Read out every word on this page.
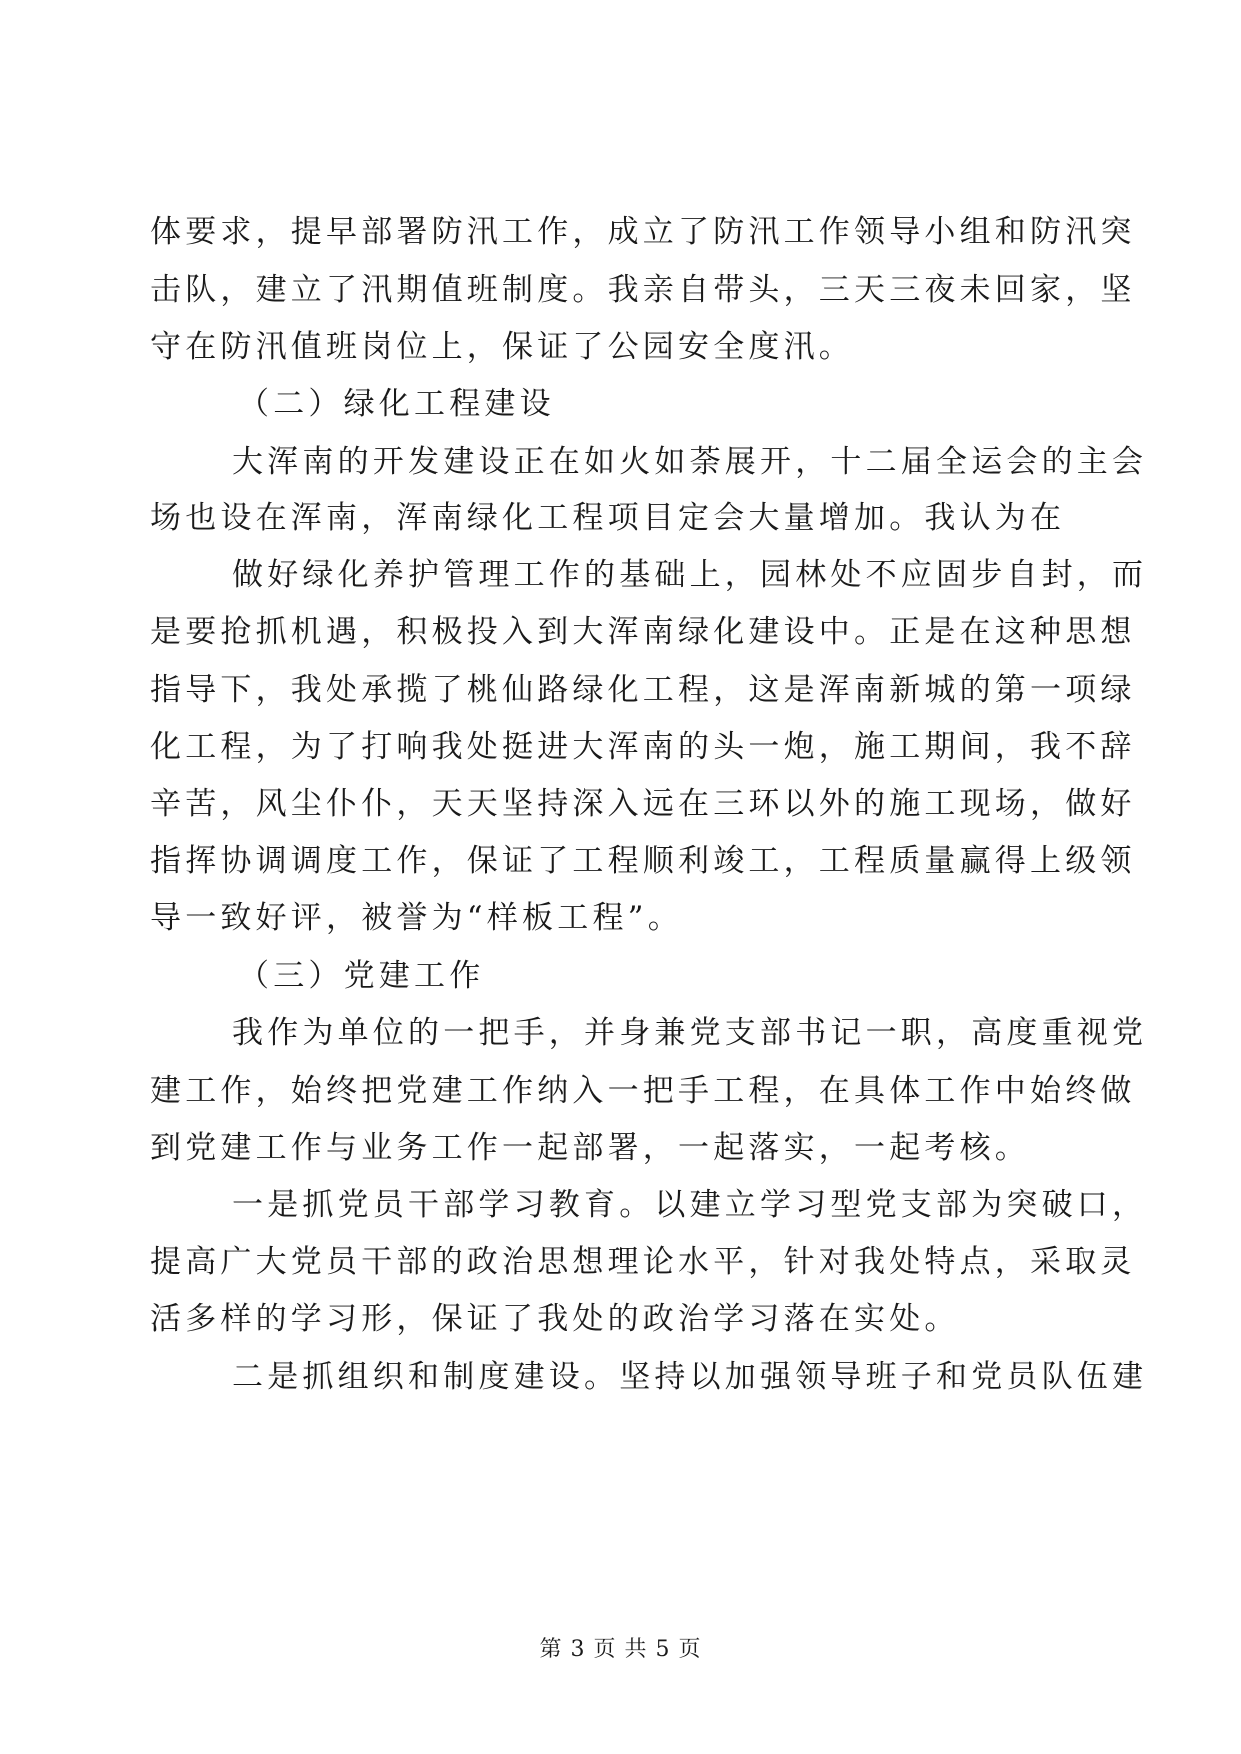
体要求，提早部署防汛工作，成立了防汛工作领导小组和防汛突
击队，建立了汛期值班制度。我亲自带头，三天三夜未回家，坚
守在防汛值班岗位上，保证了公园安全度汛。
（二）绿化工程建设
大浑南的开发建设正在如火如荼展开，十二届全运会的主会
场也设在浑南，浑南绿化工程项目定会大量增加。我认为在
做好绿化养护管理工作的基础上，园林处不应固步自封，而
是要抢抓机遇，积极投入到大浑南绿化建设中。正是在这种思想
指导下，我处承揽了桃仙路绿化工程，这是浑南新城的第一项绿
化工程，为了打响我处挺进大浑南的头一炮，施工期间，我不辞
辛苦，风尘仆仆，天天坚持深入远在三环以外的施工现场，做好
指挥协调调度工作，保证了工程顺利竣工，工程质量赢得上级领
导一致好评，被誉为“样板工程”。
（三）党建工作
我作为单位的一把手，并身兼党支部书记一职，高度重视党
建工作，始终把党建工作纳入一把手工程，在具体工作中始终做
到党建工作与业务工作一起部署，一起落实，一起考核。
一是抓党员干部学习教育。以建立学习型党支部为突破口，
提高广大党员干部的政治思想理论水平，针对我处特点，采取灵
活多样的学习形，保证了我处的政治学习落在实处。
二是抓组织和制度建设。坚持以加强领导班子和党员队伍建
第 3 页 共 5 页
